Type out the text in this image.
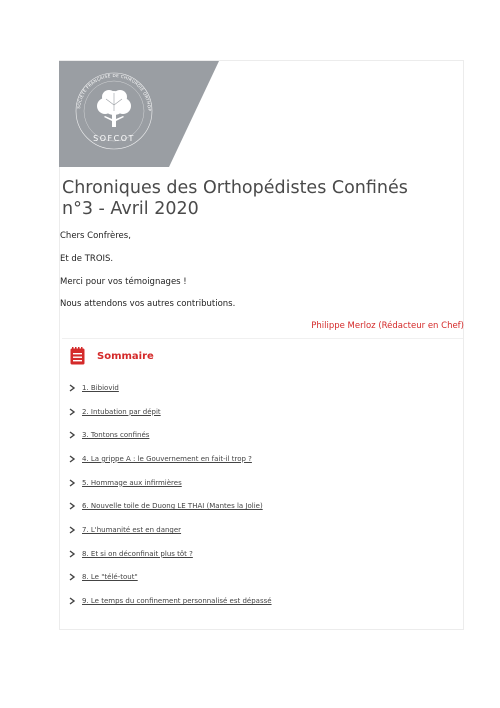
SOCIÉTÉ FRANÇAISE DE CHIRURGIE ORTHOP
SOFCOT
Chroniques des Orthopédistes Confinés
n°3 - Avril 2020

Chers Confrères,

Et de TROIS.

Merci pour vos témoignages !

Nous attendons vos autres contributions.

Philippe Merloz (Rédacteur en Chef)

Sommaire
1. Bibiovid
2. Intubation par dépit
3. Tontons confinés
4. La grippe A : le Gouvernement en fait-il trop ?
5. Hommage aux infirmières
6. Nouvelle toile de Duong LE THAI (Mantes la Jolie)
7. L'humanité est en danger
8. Et si on déconfinait plus tôt ?
8. Le "télé-tout"
9. Le temps du confinement personnalisé est dépassé
